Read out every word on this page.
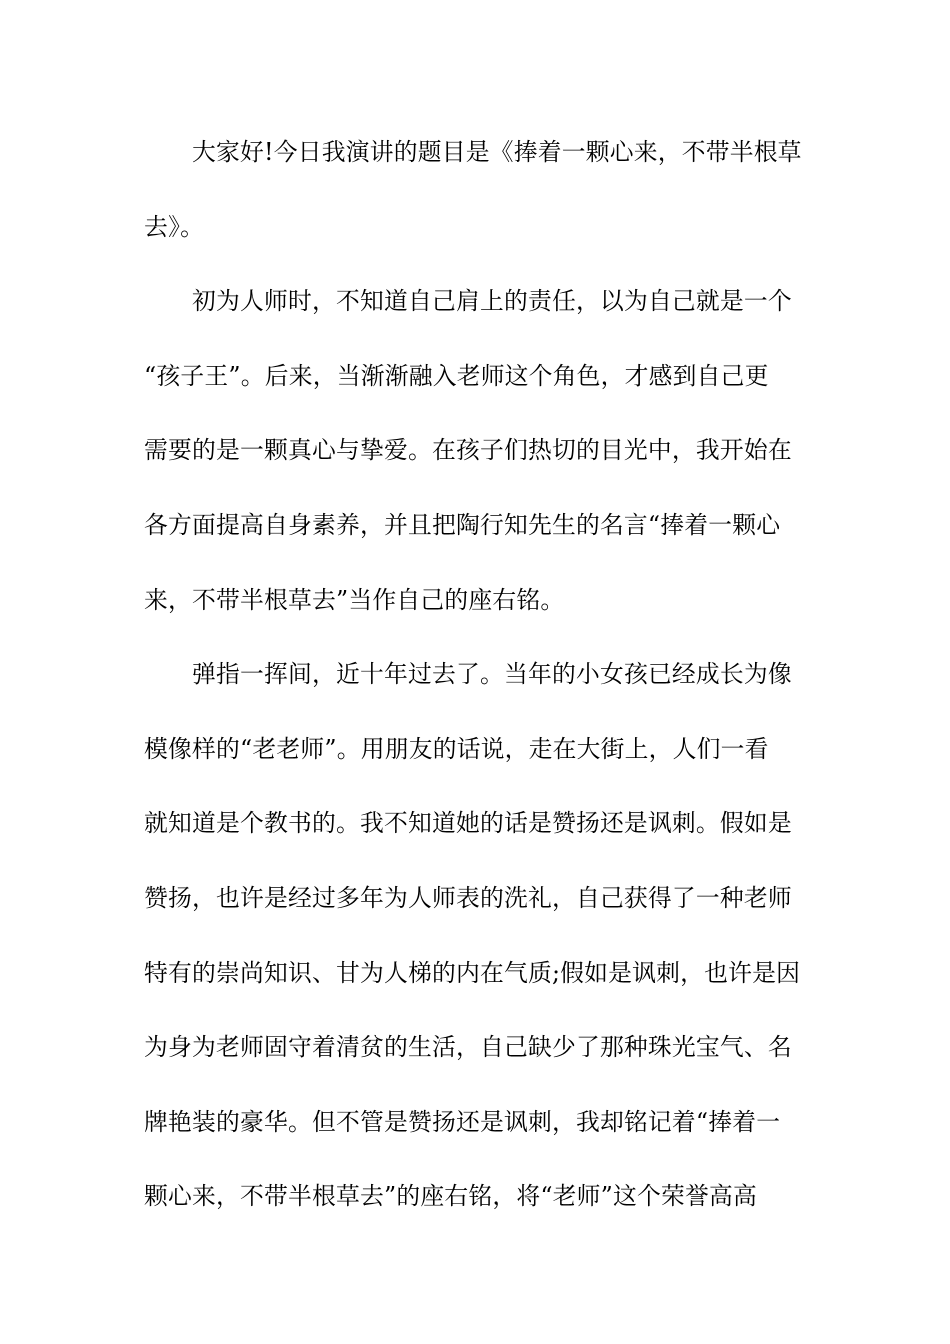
大家好!今日我演讲的题目是《捧着一颗心来，不带半根草
去》。
初为人师时，不知道自己肩上的责任，以为自己就是一个
“孩子王”。后来，当渐渐融入老师这个角色，才感到自己更
需要的是一颗真心与挚爱。在孩子们热切的目光中，我开始在
各方面提高自身素养，并且把陶行知先生的名言“捧着一颗心
来，不带半根草去”当作自己的座右铭。
弹指一挥间，近十年过去了。当年的小女孩已经成长为像
模像样的“老老师”。用朋友的话说，走在大街上，人们一看
就知道是个教书的。我不知道她的话是赞扬还是讽刺。假如是
赞扬，也许是经过多年为人师表的洗礼，自己获得了一种老师
特有的崇尚知识、甘为人梯的内在气质;假如是讽刺，也许是因
为身为老师固守着清贫的生活，自己缺少了那种珠光宝气、名
牌艳装的豪华。但不管是赞扬还是讽刺，我却铭记着“捧着一
颗心来，不带半根草去”的座右铭，将“老师”这个荣誉高高
